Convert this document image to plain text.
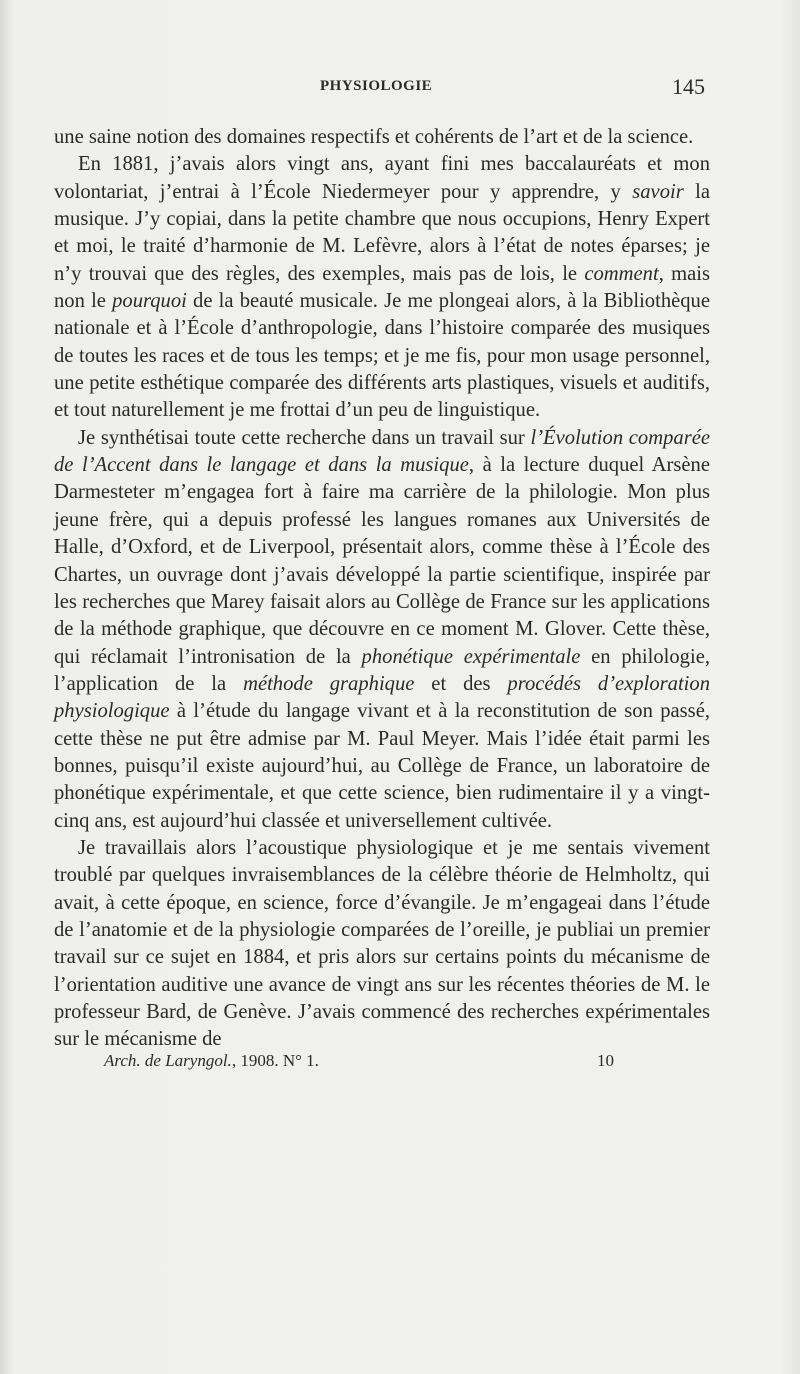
PHYSIOLOGIE	145

une saine notion des domaines respectifs et cohérents de l’art et de la science.

En 1881, j’avais alors vingt ans, ayant fini mes baccalauréats et mon volontariat, j’entrai à l’École Niedermeyer pour y apprendre, y savoir la musique. J’y copiai, dans la petite chambre que nous occupions, Henry Expert et moi, le traité d’harmonie de M. Lefèvre, alors à l’état de notes éparses; je n’y trouvai que des règles, des exemples, mais pas de lois, le comment, mais non le pourquoi de la beauté musicale. Je me plongeai alors, à la Bibliothèque nationale et à l’École d’anthropologie, dans l’histoire comparée des musiques de toutes les races et de tous les temps; et je me fis, pour mon usage personnel, une petite esthétique comparée des différents arts plastiques, visuels et auditifs, et tout naturellement je me frottai d’un peu de linguistique.

Je synthétisai toute cette recherche dans un travail sur l’Évolution comparée de l’Accent dans le langage et dans la musique, à la lecture duquel Arsène Darmesteter m’engagea fort à faire ma carrière de la philologie. Mon plus jeune frère, qui a depuis professé les langues romanes aux Universités de Halle, d’Oxford, et de Liverpool, présentait alors, comme thèse à l’École des Chartes, un ouvrage dont j’avais développé la partie scientifique, inspirée par les recherches que Marey faisait alors au Collège de France sur les applications de la méthode graphique, que découvre en ce moment M. Glover. Cette thèse, qui réclamait l’intronisation de la phonétique expérimentale en philologie, l’application de la méthode graphique et des procédés d’exploration physiologique à l’étude du langage vivant et à la reconstitution de son passé, cette thèse ne put être admise par M. Paul Meyer. Mais l’idée était parmi les bonnes, puisqu’il existe aujourd’hui, au Collège de France, un laboratoire de phonétique expérimentale, et que cette science, bien rudimentaire il y a vingt-cinq ans, est aujourd’hui classée et universellement cultivée.

Je travaillais alors l’acoustique physiologique et je me sentais vivement troublé par quelques invraisemblances de la célèbre théorie de Helmholtz, qui avait, à cette époque, en science, force d’évangile. Je m’engageai dans l’étude de l’anatomie et de la physiologie comparées de l’oreille, je publiai un premier travail sur ce sujet en 1884, et pris alors sur certains points du mécanisme de l’orientation auditive une avance de vingt ans sur les récentes théories de M. le professeur Bard, de Genève. J’avais commencé des recherches expérimentales sur le mécanisme de

Arch. de Laryngol., 1908. N° 1.	10
